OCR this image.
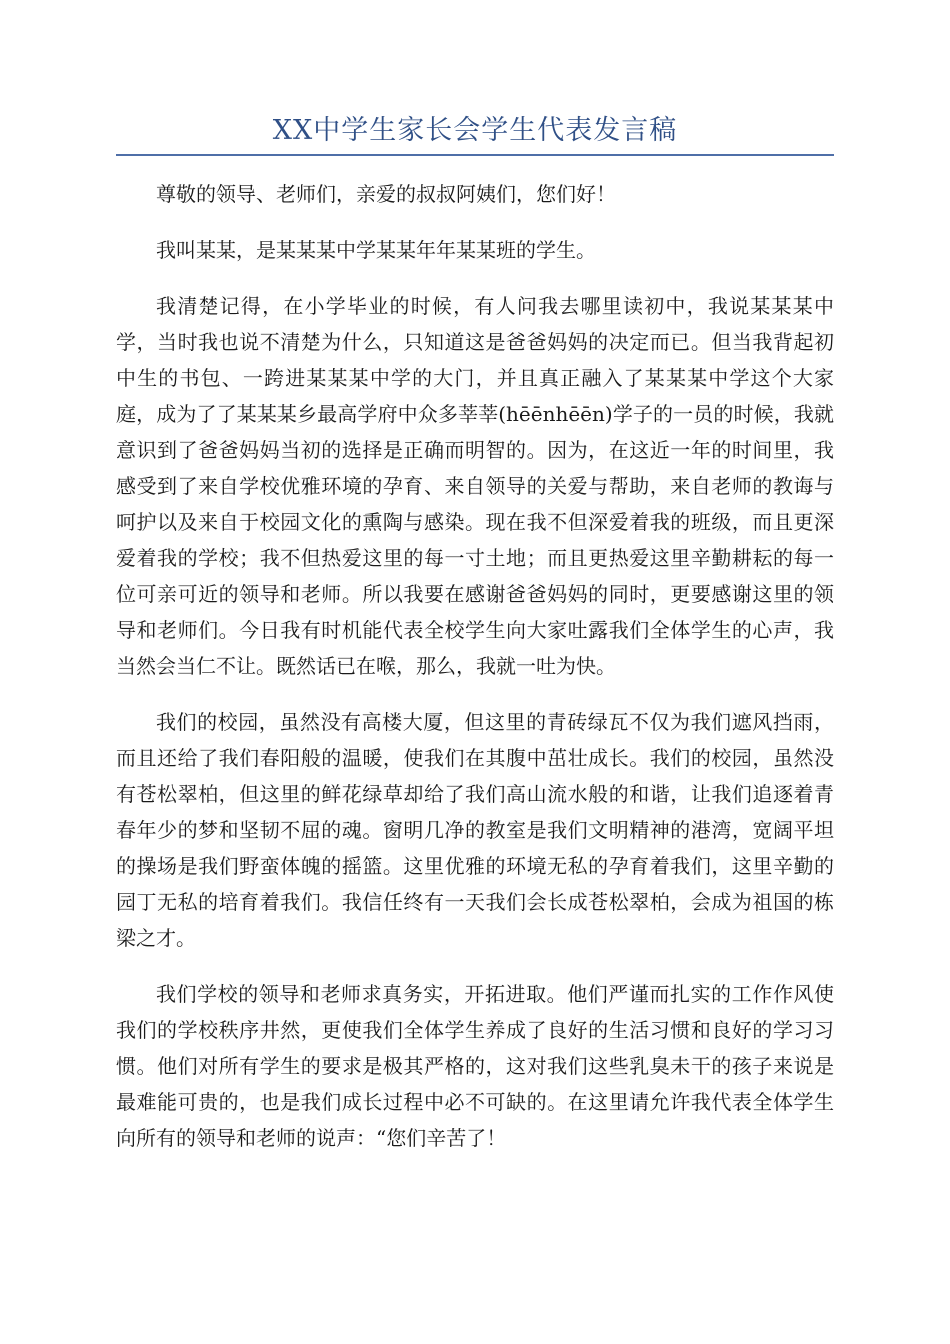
XX中学生家长会学生代表发言稿

尊敬的领导、老师们，亲爱的叔叔阿姨们，您们好！

我叫某某，是某某某中学某某年年某某班的学生。

我清楚记得，在小学毕业的时候，有人问我去哪里读初中，我说某某某中学，当时我也说不清楚为什么，只知道这是爸爸妈妈的决定而已。但当我背起初中生的书包、一跨进某某某中学的大门，并且真正融入了某某某中学这个大家庭，成为了了某某某乡最高学府中众多莘莘(hēēnhēēn)学子的一员的时候，我就意识到了爸爸妈妈当初的选择是正确而明智的。因为，在这近一年的时间里，我感受到了来自学校优雅环境的孕育、来自领导的关爱与帮助，来自老师的教诲与呵护以及来自于校园文化的熏陶与感染。现在我不但深爱着我的班级，而且更深爱着我的学校；我不但热爱这里的每一寸土地；而且更热爱这里辛勤耕耘的每一位可亲可近的领导和老师。所以我要在感谢爸爸妈妈的同时，更要感谢这里的领导和老师们。今日我有时机能代表全校学生向大家吐露我们全体学生的心声，我当然会当仁不让。既然话已在喉，那么，我就一吐为快。

我们的校园，虽然没有高楼大厦，但这里的青砖绿瓦不仅为我们遮风挡雨，而且还给了我们春阳般的温暖，使我们在其腹中茁壮成长。我们的校园，虽然没有苍松翠柏，但这里的鲜花绿草却给了我们高山流水般的和谐，让我们追逐着青春年少的梦和坚韧不屈的魂。窗明几净的教室是我们文明精神的港湾，宽阔平坦的操场是我们野蛮体魄的摇篮。这里优雅的环境无私的孕育着我们，这里辛勤的园丁无私的培育着我们。我信任终有一天我们会长成苍松翠柏，会成为祖国的栋梁之才。

我们学校的领导和老师求真务实，开拓进取。他们严谨而扎实的工作作风使我们的学校秩序井然，更使我们全体学生养成了良好的生活习惯和良好的学习习惯。他们对所有学生的要求是极其严格的，这对我们这些乳臭未干的孩子来说是最难能可贵的，也是我们成长过程中必不可缺的。在这里请允许我代表全体学生向所有的领导和老师的说声：“您们辛苦了！
